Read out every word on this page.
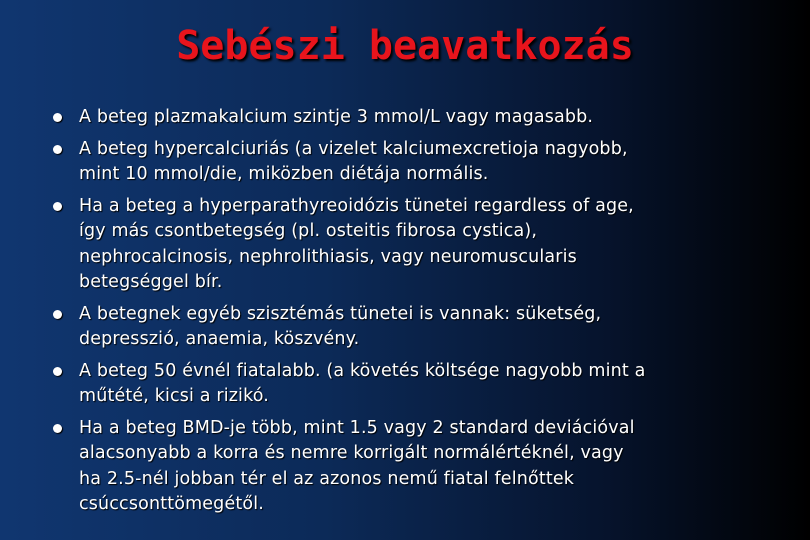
Sebészi beavatkozás
A beteg plazmakalcium szintje 3 mmol/L vagy magasabb.
A beteg hypercalciuriás (a vizelet kalciumexcretioja nagyobb,
mint 10 mmol/die, miközben diétája normális.
Ha a beteg a hyperparathyreoidózis tünetei regardless of age,
így más csontbetegség (pl. osteitis fibrosa cystica),
nephrocalcinosis, nephrolithiasis, vagy neuromuscularis
betegséggel bír.
A betegnek egyéb szisztémás tünetei is vannak: süketség,
depresszió, anaemia, köszvény.
A beteg 50 évnél fiatalabb. (a követés költsége nagyobb mint a
műtété, kicsi a rizikó.
Ha a beteg BMD-je több, mint 1.5 vagy 2 standard deviációval
alacsonyabb a korra és nemre korrigált normálértéknél, vagy
ha 2.5-nél jobban tér el az azonos nemű fiatal felnőttek
csúccsonttömegétől.
